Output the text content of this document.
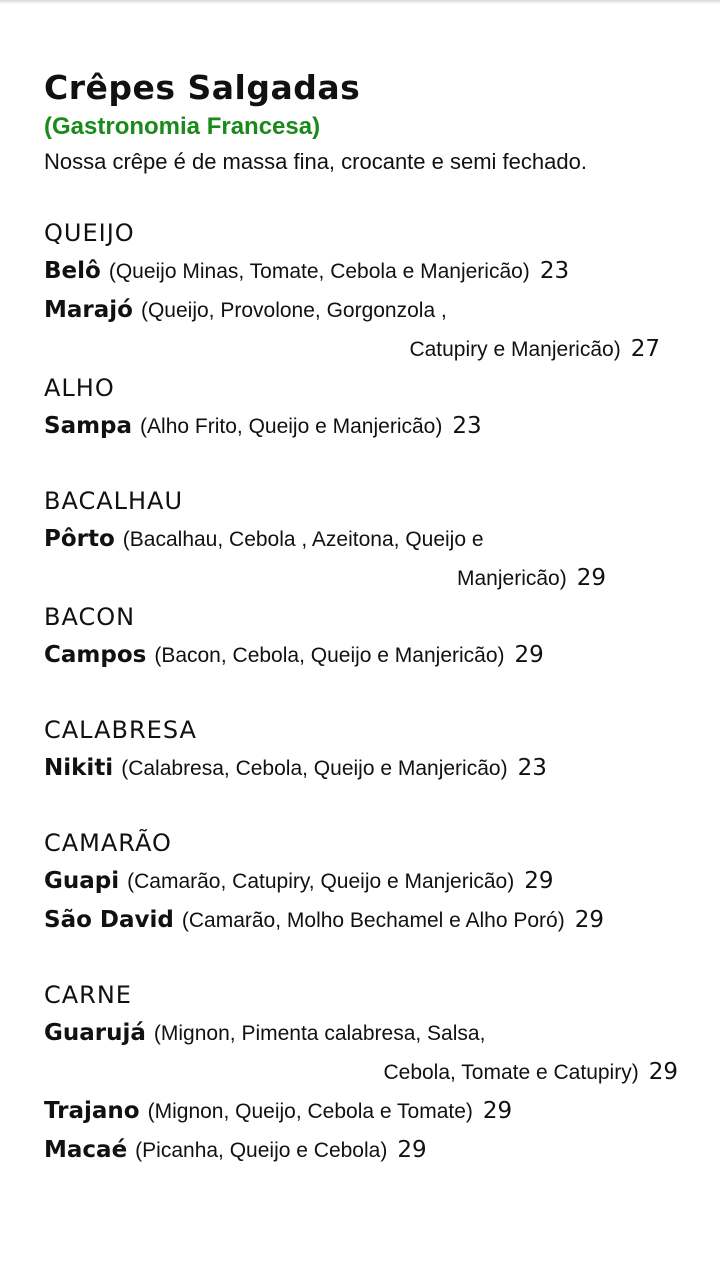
Crêpes Salgadas

(Gastronomia Francesa)

Nossa crêpe é de massa fina, crocante e semi fechado.

QUEIJO
Belô (Queijo Minas, Tomate, Cebola e Manjericão) 23
Marajó (Queijo, Provolone, Gorgonzola ,
Catupiry e Manjericão) 27
ALHO
Sampa (Alho Frito, Queijo e Manjericão) 23
BACALHAU
Pôrto (Bacalhau, Cebola , Azeitona, Queijo e
Manjericão) 29
BACON
Campos (Bacon, Cebola, Queijo e Manjericão) 29
CALABRESA
Nikiti (Calabresa, Cebola, Queijo e Manjericão) 23
CAMARÃO
Guapi (Camarão, Catupiry, Queijo e Manjericão) 29
São David (Camarão, Molho Bechamel e Alho Poró) 29
CARNE
Guarujá (Mignon, Pimenta calabresa, Salsa,
Cebola, Tomate e Catupiry) 29
Trajano (Mignon, Queijo, Cebola e Tomate) 29
Macaé (Picanha, Queijo e Cebola) 29
